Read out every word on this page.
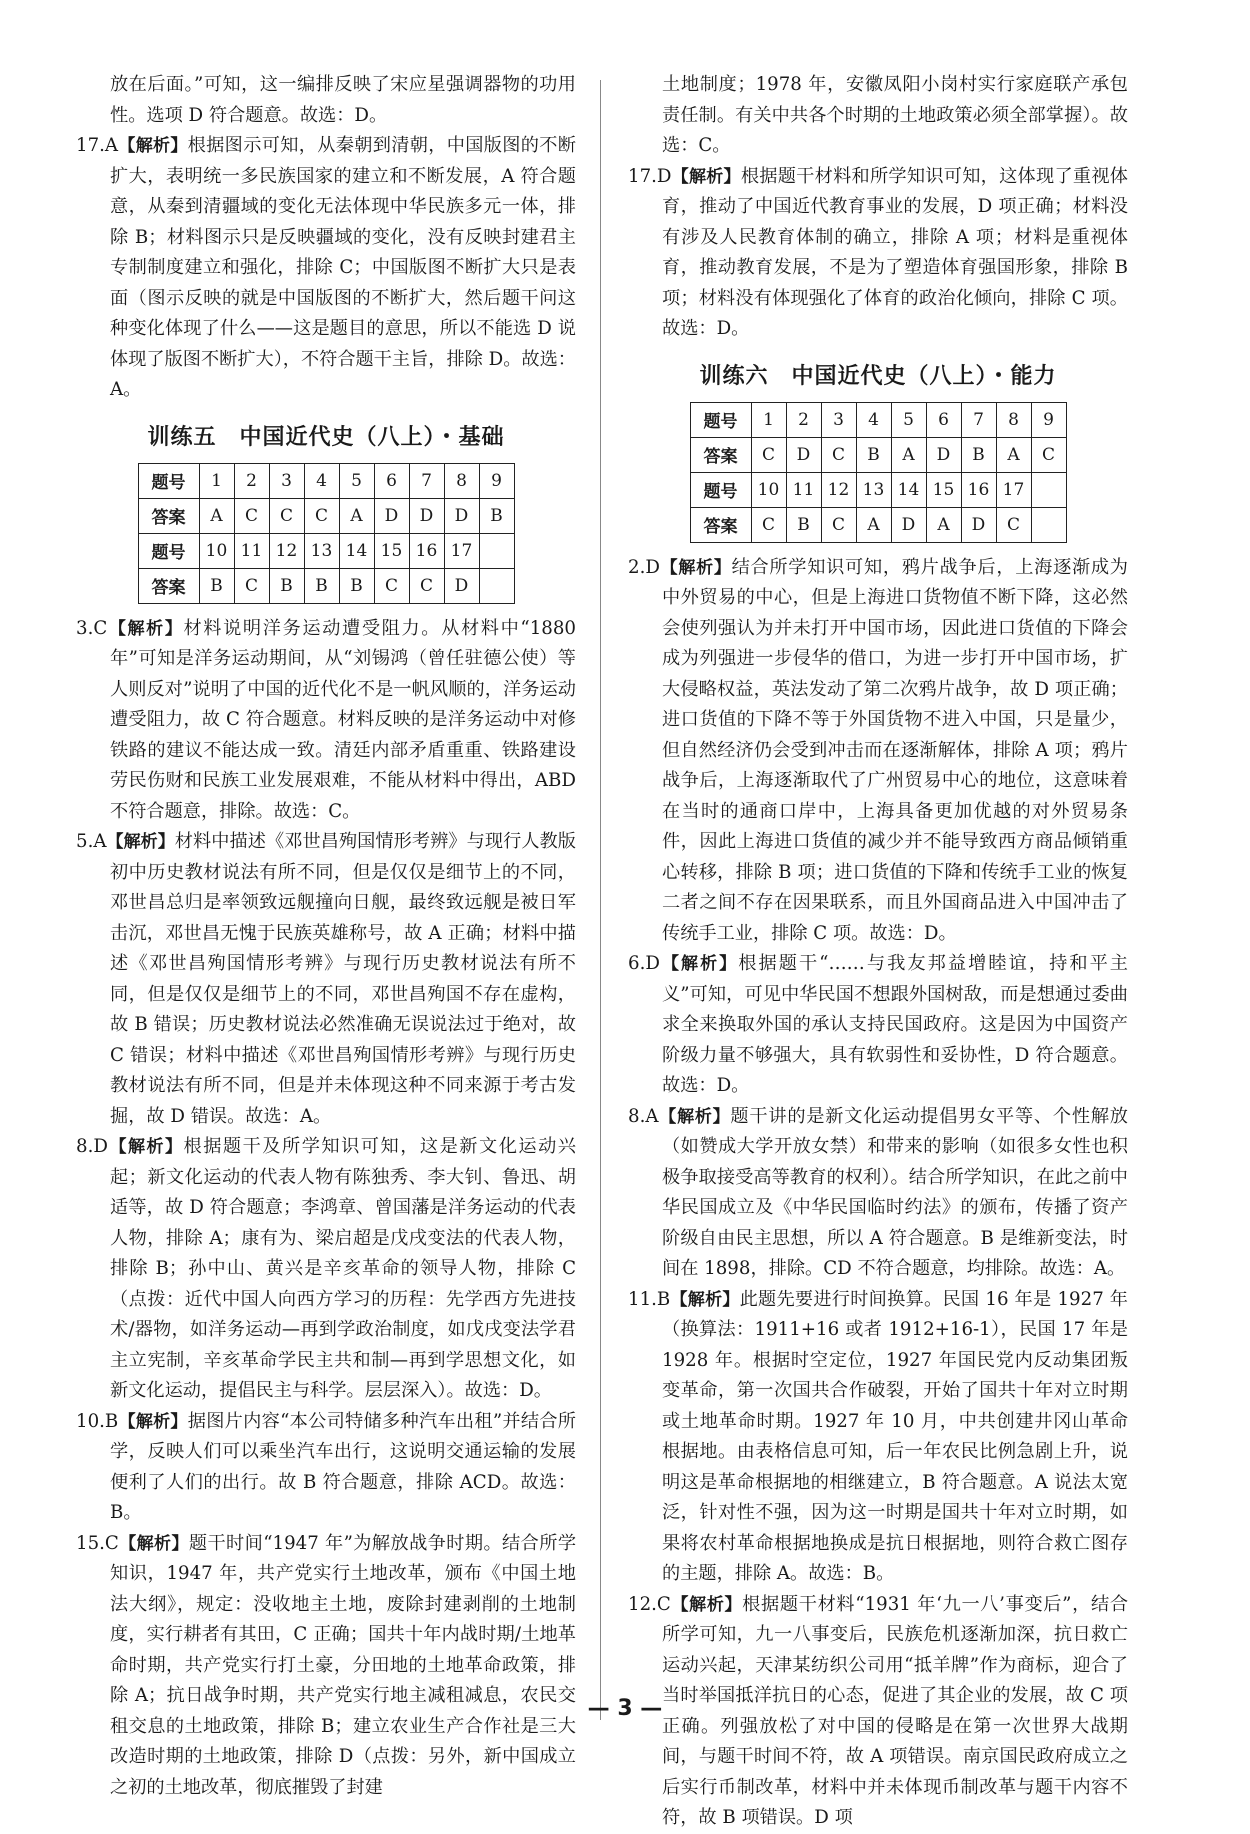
放在后面。”可知，这一编排反映了宋应星强调器物的功用性。选项 D 符合题意。故选：D。

17.A【解析】根据图示可知，从秦朝到清朝，中国版图的不断扩大，表明统一多民族国家的建立和不断发展，A 符合题意，从秦到清疆域的变化无法体现中华民族多元一体，排除 B；材料图示只是反映疆域的变化，没有反映封建君主专制制度建立和强化，排除 C；中国版图不断扩大只是表面（图示反映的就是中国版图的不断扩大，然后题干问这种变化体现了什么——这是题目的意思，所以不能选 D 说体现了版图不断扩大），不符合题干主旨，排除 D。故选：A。

训练五　中国近代史（八上）・基础
题号	1	2	3	4	5	6	7	8	9
答案	A	C	C	C	A	D	D	D	B
题号	10	11	12	13	14	15	16	17	
答案	B	C	B	B	B	C	C	D	

3.C【解析】材料说明洋务运动遭受阻力。从材料中“1880 年”可知是洋务运动期间，从“刘锡鸿（曾任驻德公使）等人则反对”说明了中国的近代化不是一帆风顺的，洋务运动遭受阻力，故 C 符合题意。材料反映的是洋务运动中对修铁路的建议不能达成一致。清廷内部矛盾重重、铁路建设劳民伤财和民族工业发展艰难，不能从材料中得出，ABD 不符合题意，排除。故选：C。

5.A【解析】材料中描述《邓世昌殉国情形考辨》与现行人教版初中历史教材说法有所不同，但是仅仅是细节上的不同，邓世昌总归是率领致远舰撞向日舰，最终致远舰是被日军击沉，邓世昌无愧于民族英雄称号，故 A 正确；材料中描述《邓世昌殉国情形考辨》与现行历史教材说法有所不同，但是仅仅是细节上的不同，邓世昌殉国不存在虚构，故 B 错误；历史教材说法必然准确无误说法过于绝对，故 C 错误；材料中描述《邓世昌殉国情形考辨》与现行历史教材说法有所不同，但是并未体现这种不同来源于考古发掘，故 D 错误。故选：A。

8.D【解析】根据题干及所学知识可知，这是新文化运动兴起；新文化运动的代表人物有陈独秀、李大钊、鲁迅、胡适等，故 D 符合题意；李鸿章、曾国藩是洋务运动的代表人物，排除 A；康有为、梁启超是戊戌变法的代表人物，排除 B；孙中山、黄兴是辛亥革命的领导人物，排除 C（点拨：近代中国人向西方学习的历程：先学西方先进技术/器物，如洋务运动—再到学政治制度，如戊戌变法学君主立宪制，辛亥革命学民主共和制—再到学思想文化，如新文化运动，提倡民主与科学。层层深入）。故选：D。

10.B【解析】据图片内容“本公司特储多种汽车出租”并结合所学，反映人们可以乘坐汽车出行，这说明交通运输的发展便利了人们的出行。故 B 符合题意，排除 ACD。故选：B。

15.C【解析】题干时间“1947 年”为解放战争时期。结合所学知识，1947 年，共产党实行土地改革，颁布《中国土地法大纲》，规定：没收地主土地，废除封建剥削的土地制度，实行耕者有其田，C 正确；国共十年内战时期/土地革命时期，共产党实行打土豪，分田地的土地革命政策，排除 A；抗日战争时期，共产党实行地主减租减息，农民交租交息的土地政策，排除 B；建立农业生产合作社是三大改造时期的土地政策，排除 D（点拨：另外，新中国成立之初的土地改革，彻底摧毁了封建

土地制度；1978 年，安徽凤阳小岗村实行家庭联产承包责任制。有关中共各个时期的土地政策必须全部掌握）。故选：C。

17.D【解析】根据题干材料和所学知识可知，这体现了重视体育，推动了中国近代教育事业的发展，D 项正确；材料没有涉及人民教育体制的确立，排除 A 项；材料是重视体育，推动教育发展，不是为了塑造体育强国形象，排除 B 项；材料没有体现强化了体育的政治化倾向，排除 C 项。故选：D。

训练六　中国近代史（八上）・能力
题号	1	2	3	4	5	6	7	8	9
答案	C	D	C	B	A	D	B	A	C
题号	10	11	12	13	14	15	16	17	
答案	C	B	C	A	D	A	D	C	

2.D【解析】结合所学知识可知，鸦片战争后，上海逐渐成为中外贸易的中心，但是上海进口货物值不断下降，这必然会使列强认为并未打开中国市场，因此进口货值的下降会成为列强进一步侵华的借口，为进一步打开中国市场，扩大侵略权益，英法发动了第二次鸦片战争，故 D 项正确；进口货值的下降不等于外国货物不进入中国，只是量少，但自然经济仍会受到冲击而在逐渐解体，排除 A 项；鸦片战争后，上海逐渐取代了广州贸易中心的地位，这意味着在当时的通商口岸中，上海具备更加优越的对外贸易条件，因此上海进口货值的减少并不能导致西方商品倾销重心转移，排除 B 项；进口货值的下降和传统手工业的恢复二者之间不存在因果联系，而且外国商品进入中国冲击了传统手工业，排除 C 项。故选：D。

6.D【解析】根据题干“……与我友邦益增睦谊，持和平主义”可知，可见中华民国不想跟外国树敌，而是想通过委曲求全来换取外国的承认支持民国政府。这是因为中国资产阶级力量不够强大，具有软弱性和妥协性，D 符合题意。故选：D。

8.A【解析】题干讲的是新文化运动提倡男女平等、个性解放（如赞成大学开放女禁）和带来的影响（如很多女性也积极争取接受高等教育的权利）。结合所学知识，在此之前中华民国成立及《中华民国临时约法》的颁布，传播了资产阶级自由民主思想，所以 A 符合题意。B 是维新变法，时间在 1898，排除。CD 不符合题意，均排除。故选：A。

11.B【解析】此题先要进行时间换算。民国 16 年是 1927 年（换算法：1911+16 或者 1912+16-1），民国 17 年是 1928 年。根据时空定位，1927 年国民党内反动集团叛变革命，第一次国共合作破裂，开始了国共十年对立时期或土地革命时期。1927 年 10 月，中共创建井冈山革命根据地。由表格信息可知，后一年农民比例急剧上升，说明这是革命根据地的相继建立，B 符合题意。A 说法太宽泛，针对性不强，因为这一时期是国共十年对立时期，如果将农村革命根据地换成是抗日根据地，则符合救亡图存的主题，排除 A。故选：B。

12.C【解析】根据题干材料“1931 年‘九一八’事变后”，结合所学可知，九一八事变后，民族危机逐渐加深，抗日救亡运动兴起，天津某纺织公司用“抵羊牌”作为商标，迎合了当时举国抵洋抗日的心态，促进了其企业的发展，故 C 项正确。列强放松了对中国的侵略是在第一次世界大战期间，与题干时间不符，故 A 项错误。南京国民政府成立之后实行币制改革，材料中并未体现币制改革与题干内容不符，故 B 项错误。D 项

— 3 —
